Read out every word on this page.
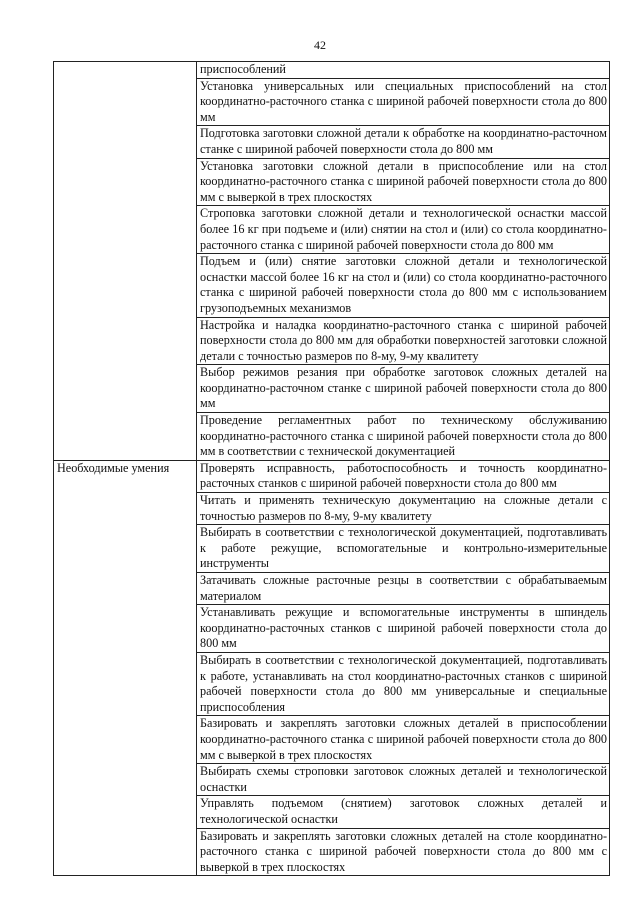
42
	приспособлений
	Установка универсальных или специальных приспособлений на стол координатно-расточного станка с шириной рабочей поверхности стола до 800 мм
	Подготовка заготовки сложной детали к обработке на координатно-расточном станке с шириной рабочей поверхности стола до 800 мм
	Установка заготовки сложной детали в приспособление или на стол координатно-расточного станка с шириной рабочей поверхности стола до 800 мм с выверкой в трех плоскостях
	Строповка заготовки сложной детали и технологической оснастки массой более 16 кг при подъеме и (или) снятии на стол и (или) со стола координатно-расточного станка с шириной рабочей поверхности стола до 800 мм
	Подъем и (или) снятие заготовки сложной детали и технологической оснастки массой более 16 кг на стол и (или) со стола координатно-расточного станка с шириной рабочей поверхности стола до 800 мм с использованием грузоподъемных механизмов
	Настройка и наладка координатно-расточного станка с шириной рабочей поверхности стола до 800 мм для обработки поверхностей заготовки сложной детали с точностью размеров по 8-му, 9-му квалитету
	Выбор режимов резания при обработке заготовок сложных деталей на координатно-расточном станке с шириной рабочей поверхности стола до 800 мм
	Проведение регламентных работ по техническому обслуживанию координатно-расточного станка с шириной рабочей поверхности стола до 800 мм в соответствии с технической документацией
Необходимые умения	Проверять исправность, работоспособность и точность координатно-расточных станков с шириной рабочей поверхности стола до 800 мм
	Читать и применять техническую документацию на сложные детали с точностью размеров по 8-му, 9-му квалитету
	Выбирать в соответствии с технологической документацией, подготавливать к работе режущие, вспомогательные и контрольно-измерительные инструменты
	Затачивать сложные расточные резцы в соответствии с обрабатываемым материалом
	Устанавливать режущие и вспомогательные инструменты в шпиндель координатно-расточных станков с шириной рабочей поверхности стола до 800 мм
	Выбирать в соответствии с технологической документацией, подготавливать к работе, устанавливать на стол координатно-расточных станков с шириной рабочей поверхности стола до 800 мм универсальные и специальные приспособления
	Базировать и закреплять заготовки сложных деталей в приспособлении координатно-расточного станка с шириной рабочей поверхности стола до 800 мм с выверкой в трех плоскостях
	Выбирать схемы строповки заготовок сложных деталей и технологической оснастки
	Управлять подъемом (снятием) заготовок сложных деталей и технологической оснастки
	Базировать и закреплять заготовки сложных деталей на столе координатно-расточного станка с шириной рабочей поверхности стола до 800 мм с выверкой в трех плоскостях
